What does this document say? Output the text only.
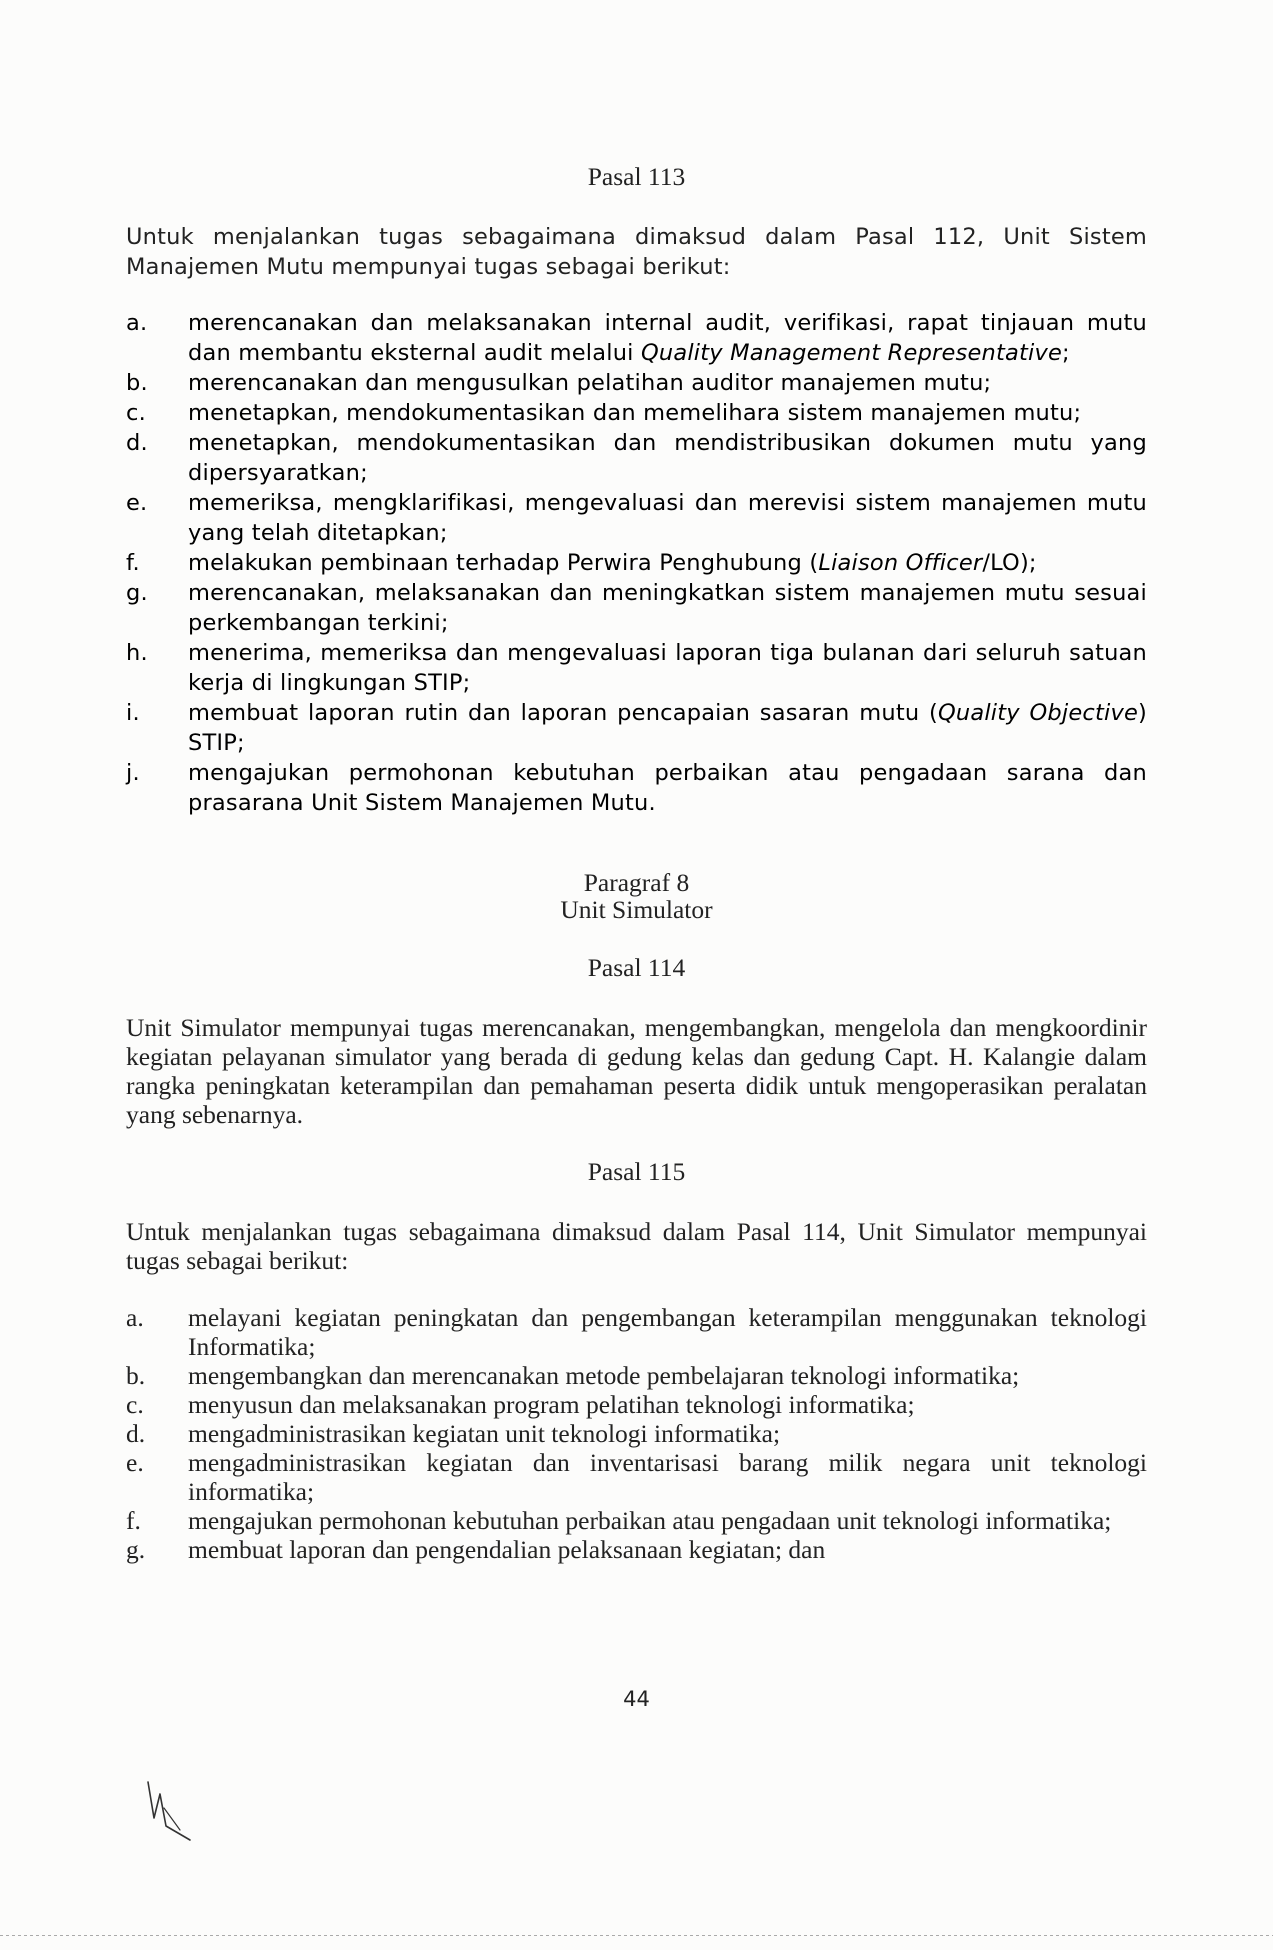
Pasal 113
Untuk menjalankan tugas sebagaimana dimaksud dalam Pasal 112, Unit Sistem Manajemen Mutu mempunyai tugas sebagai berikut:
a. merencanakan dan melaksanakan internal audit, verifikasi, rapat tinjauan mutu dan membantu eksternal audit melalui Quality Management Representative;
b. merencanakan dan mengusulkan pelatihan auditor manajemen mutu;
c. menetapkan, mendokumentasikan dan memelihara sistem manajemen mutu;
d. menetapkan, mendokumentasikan dan mendistribusikan dokumen mutu yang dipersyaratkan;
e. memeriksa, mengklarifikasi, mengevaluasi dan merevisi sistem manajemen mutu yang telah ditetapkan;
f. melakukan pembinaan terhadap Perwira Penghubung (Liaison Officer/LO);
g. merencanakan, melaksanakan dan meningkatkan sistem manajemen mutu sesuai perkembangan terkini;
h. menerima, memeriksa dan mengevaluasi laporan tiga bulanan dari seluruh satuan kerja di lingkungan STIP;
i. membuat laporan rutin dan laporan pencapaian sasaran mutu (Quality Objective) STIP;
j. mengajukan permohonan kebutuhan perbaikan atau pengadaan sarana dan prasarana Unit Sistem Manajemen Mutu.
Paragraf 8
Unit Simulator
Pasal 114
Unit Simulator mempunyai tugas merencanakan, mengembangkan, mengelola dan mengkoordinir kegiatan pelayanan simulator yang berada di gedung kelas dan gedung Capt. H. Kalangie dalam rangka peningkatan keterampilan dan pemahaman peserta didik untuk mengoperasikan peralatan yang sebenarnya.
Pasal 115
Untuk menjalankan tugas sebagaimana dimaksud dalam Pasal 114, Unit Simulator mempunyai tugas sebagai berikut:
a. melayani kegiatan peningkatan dan pengembangan keterampilan menggunakan teknologi Informatika;
b. mengembangkan dan merencanakan metode pembelajaran teknologi informatika;
c. menyusun dan melaksanakan program pelatihan teknologi informatika;
d. mengadministrasikan kegiatan unit teknologi informatika;
e. mengadministrasikan kegiatan dan inventarisasi barang milik negara unit teknologi informatika;
f. mengajukan permohonan kebutuhan perbaikan atau pengadaan unit teknologi informatika;
g. membuat laporan dan pengendalian pelaksanaan kegiatan; dan
44
